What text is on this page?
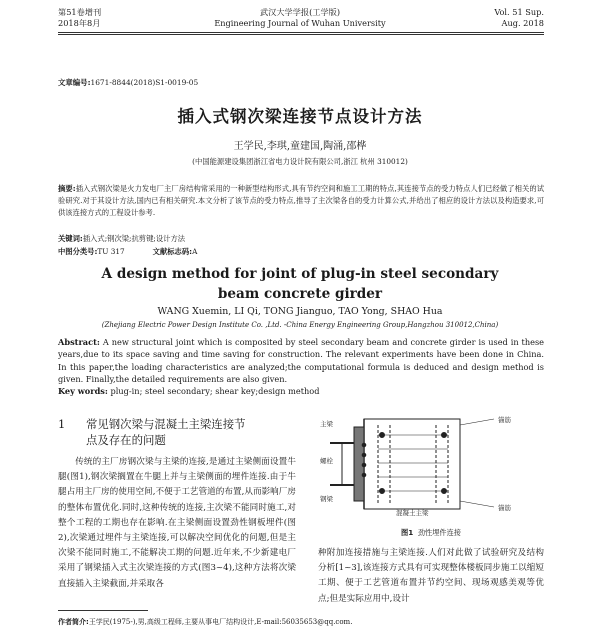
第51卷增刊
2018年8月
武汉大学学报(工学版)
Engineering Journal of Wuhan University
Vol. 51 Sup.
Aug. 2018
文章编号:1671-8844(2018)S1-0019-05
插入式钢次梁连接节点设计方法
王学民,李琪,童建国,陶涌,邵桦
(中国能源建设集团浙江省电力设计院有限公司,浙江 杭州 310012)
摘要:插入式钢次梁是火力发电厂主厂房结构常采用的一种新型结构形式,具有节约空间和施工工期的特点,其连接节点的受力特点人们已经做了相关的试验研究.对于其设计方法,国内已有相关研究.本文分析了该节点的受力特点,推导了主次梁各自的受力计算公式,并给出了相应的设计方法以及构造要求,可供该连接方式的工程设计参考.
关键词:插入式;钢次梁;抗剪键;设计方法
中图分类号:TU 317	文献标志码:A
A design method for joint of plug-in steel secondary
beam concrete girder
WANG Xuemin, LI Qi, TONG Jianguo, TAO Yong, SHAO Hua
(Zhejiang Electric Power Design Institute Co. ,Ltd. -China Energy Engineering Group,Hangzhou 310012,China)
Abstract: A new structural joint which is composited by steel secondary beam and concrete girder is used in these years,due to its space saving and time saving for construction. The relevant experiments have been done in China. In this paper,the loading characteristics are analyzed;the computational formula is deduced and design method is given. Finally,the detailed requirements are also given.
Key words: plug-in; steel secondary; shear key;design method
1 常见钢次梁与混凝土主梁连接节
点及存在的问题
传统的主厂房钢次梁与主梁的连接,是通过主梁侧面设置牛腿(图1),钢次梁搁置在牛腿上并与主梁侧面的埋件连接.由于牛腿占用主厂房的使用空间,不便于工艺管道的布置,从而影响厂房的整体布置优化.同时,这种传统的连接,主次梁不能同时施工,对整个工程的工期也存在影响.在主梁侧面设置劲性钢板埋件(图2),次梁通过埋件与主梁连接,可以解决空间优化的问题,但是主次梁不能同时施工,不能解决工期的问题.近年来,不少新建电厂采用了钢梁插入式主次梁连接的方式(图3~4),这种方法将次梁直接插入主梁截面,并采取各
主梁	锚筋
螺栓
钢梁
混凝土主梁
锚筋
图1 劲性埋件连接
种附加连接措施与主梁连接.人们对此做了试验研究及结构分析[1~3],该连接方式具有可实现整体楼板同步施工以缩短工期、便于工艺管道布置并节约空间、现场观感美观等优点;但是实际应用中,设计
作者简介:王学民(1975-),男,高级工程师,主要从事电厂结构设计,E-mail:56035653@qq.com.
